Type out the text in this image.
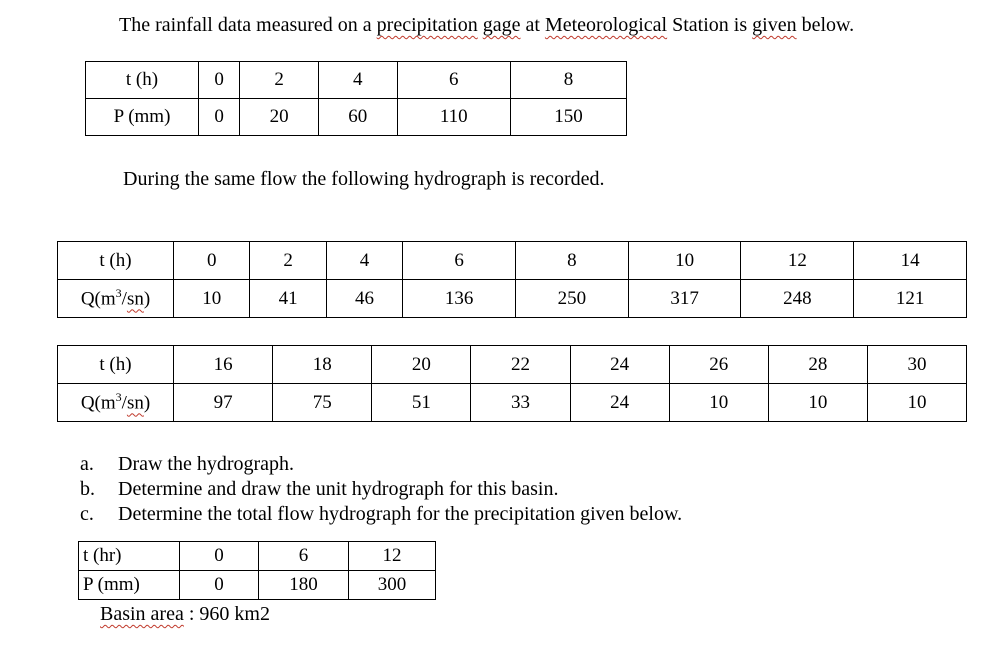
The rainfall data measured on a precipitation gage at Meteorological Station is given below.
t (h)	0	2	4	6	8
P (mm)	0	20	60	110	150
During the same flow the following hydrograph is recorded.
t (h)	0	2	4	6	8	10	12	14
$Q(m^3/sn)$	10	41	46	136	250	317	248	121
t (h)	16	18	20	22	24	26	28	30
$Q(m^3/sn)$	97	75	51	33	24	10	10	10
a. Draw the hydrograph.
b. Determine and draw the unit hydrograph for this basin.
c. Determine the total flow hydrograph for the precipitation given below.
t (hr)	0	6	12
P (mm)	0	180	300
Basin area : 960 km2
